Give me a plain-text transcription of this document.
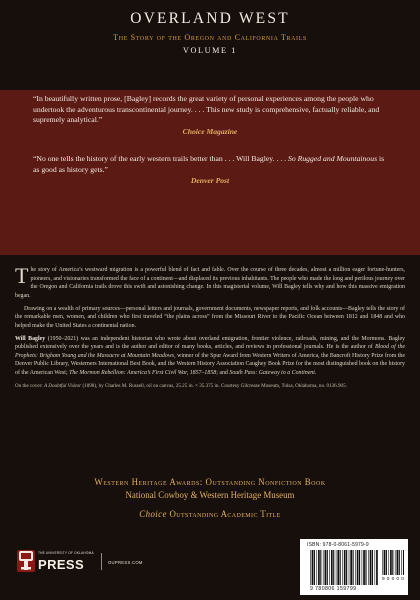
OVERLAND WEST
The Story of the Oregon and California Trails
VOLUME 1
“In beautifully written prose, [Bagley] records the great variety of personal experiences among the people who undertook the adventurous transcontinental journey. . . . This new study is comprehensive, factually reliable, and supremely analytical.”
Choice Magazine
“No one tells the history of the early western trails better than . . . Will Bagley. . . . So Rugged and Mountainous is as good as history gets.”
Denver Post

The story of America’s westward migration is a powerful blend of fact and fable. Over the course of three decades, almost a million eager fortune-hunters, pioneers, and visionaries transformed the face of a continent—and displaced its previous inhabitants. The people who made the long and perilous journey over the Oregon and California trails drove this swift and astonishing change. In this magisterial volume, Will Bagley tells why and how this massive emigration began.

Drawing on a wealth of primary sources—personal letters and journals, government documents, newspaper reports, and folk accounts—Bagley tells the story of the remarkable men, women, and children who first traveled “the plains across” from the Missouri River to the Pacific Ocean between 1812 and 1848 and who helped make the United States a continental nation.

Will Bagley (1950–2021) was an independent historian who wrote about overland emigration, frontier violence, railroads, mining, and the Mormons. Bagley published extensively over the years and is the author and editor of many books, articles, and reviews in professional journals. He is the author of Blood of the Prophets: Brigham Young and the Massacre at Mountain Meadows, winner of the Spur Award from Western Writers of America, the Bancroft History Prize from the Denver Public Library, Westerners International Best Book, and the Western History Association Caughey Book Prize for the most distinguished book on the history of the American West; The Mormon Rebellion: America’s First Civil War, 1857–1858; and South Pass: Gateway to a Continent.

On the cover: A Doubtful Visitor (1898), by Charles M. Russell, oil on canvas, 25.25 in. × 35.375 in. Courtesy Gilcrease Museum, Tulsa, Oklahoma, no. 0136.905.
Western Heritage Awards: Outstanding Nonfiction Book
National Cowboy & Western Heritage Museum
Choice Outstanding Academic Title
THE UNIVERSITY OF OKLAHOMA
PRESS	OUPRESS.COM
ISBN: 978-0-8061-5979-9
9 780806 159799
9 0 0 0 0
